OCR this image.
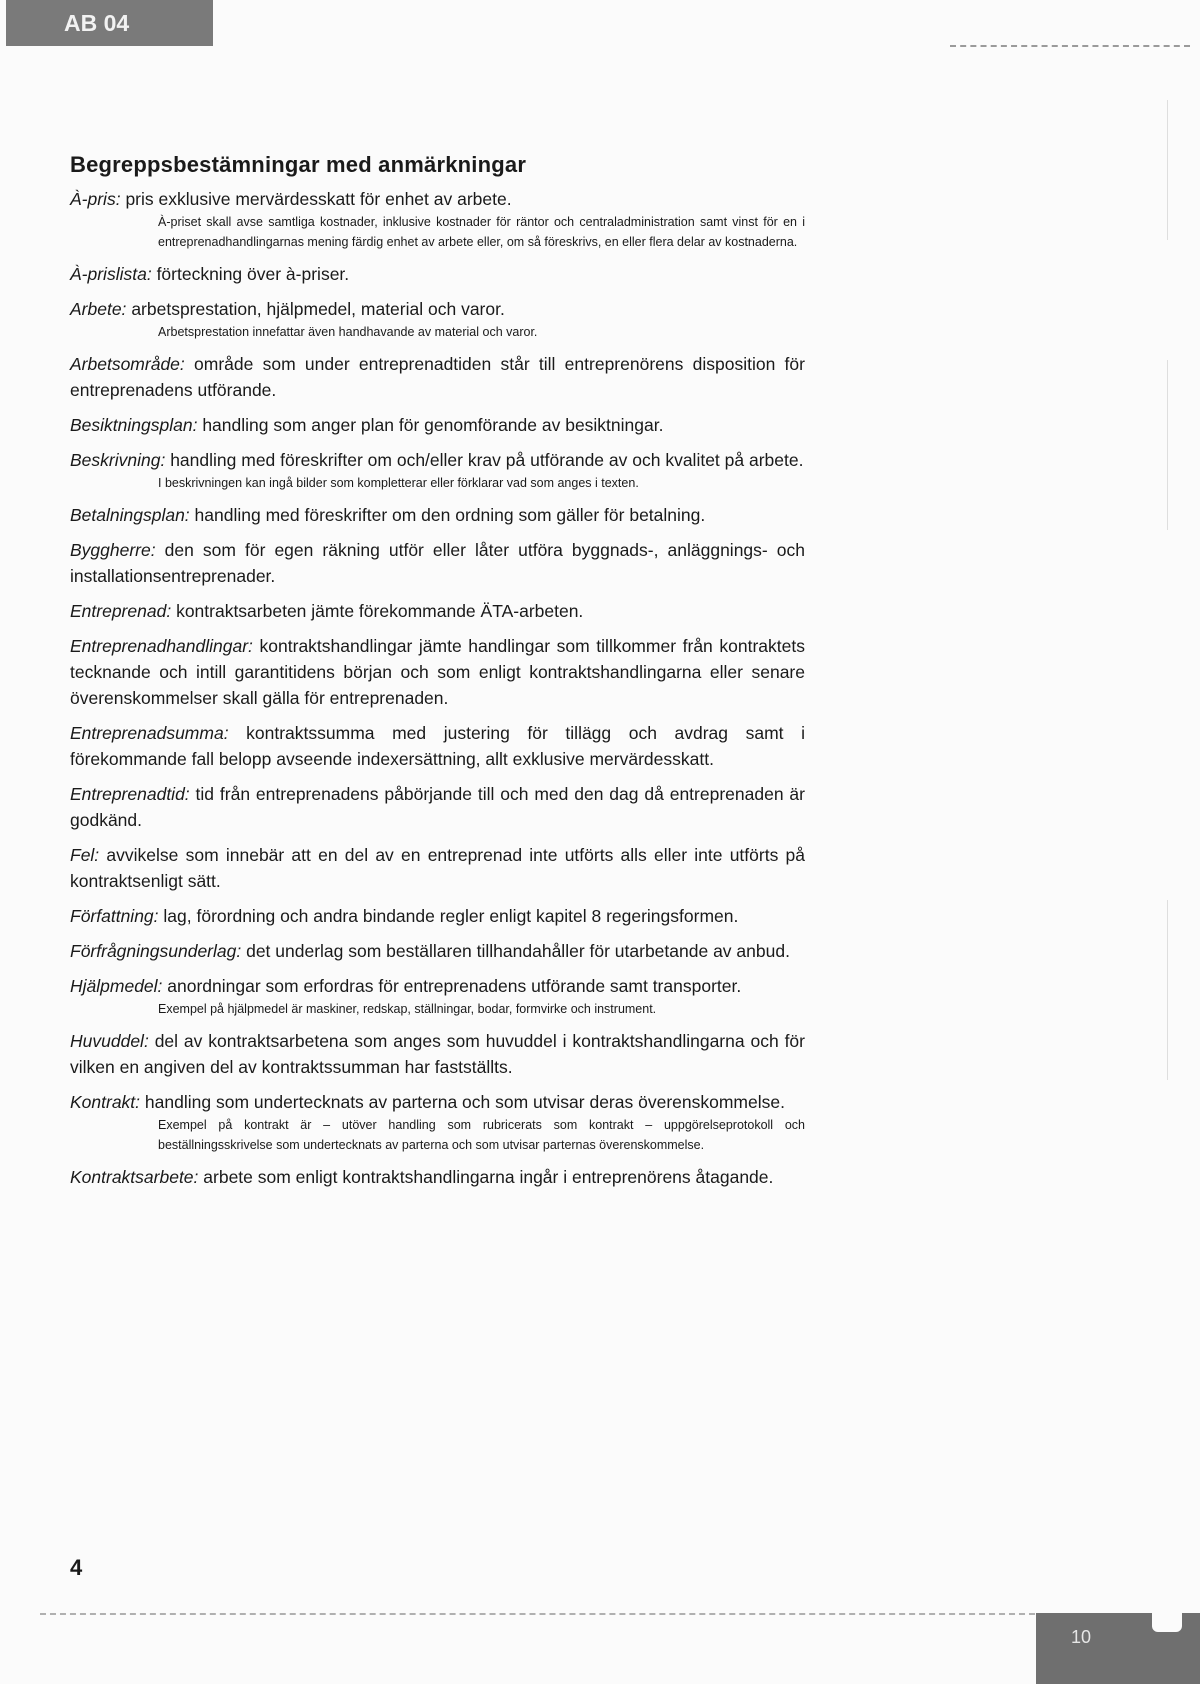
AB 04
Begreppsbestämningar med anmärkningar

À-pris: pris exklusive mervärdesskatt för enhet av arbete.

À-priset skall avse samtliga kostnader, inklusive kostnader för räntor och centraladministration samt vinst för en i entreprenadhandlingarnas mening färdig enhet av arbete eller, om så föreskrivs, en eller flera delar av kostnaderna.

À-prislista: förteckning över à-priser.

Arbete: arbetsprestation, hjälpmedel, material och varor.

Arbetsprestation innefattar även handhavande av material och varor.

Arbetsområde: område som under entreprenadtiden står till entreprenörens disposition för entreprenadens utförande.

Besiktningsplan: handling som anger plan för genomförande av besiktningar.

Beskrivning: handling med föreskrifter om och/eller krav på utförande av och kvalitet på arbete.

I beskrivningen kan ingå bilder som kompletterar eller förklarar vad som anges i texten.

Betalningsplan: handling med föreskrifter om den ordning som gäller för betalning.

Byggherre: den som för egen räkning utför eller låter utföra byggnads-, anläggnings- och installationsentreprenader.

Entreprenad: kontraktsarbeten jämte förekommande ÄTA-arbeten.

Entreprenadhandlingar: kontraktshandlingar jämte handlingar som tillkommer från kontraktets tecknande och intill garantitidens början och som enligt kontraktshandlingarna eller senare överenskommelser skall gälla för entreprenaden.

Entreprenadsumma: kontraktssumma med justering för tillägg och avdrag samt i förekommande fall belopp avseende indexersättning, allt exklusive mervärdesskatt.

Entreprenadtid: tid från entreprenadens påbörjande till och med den dag då entreprenaden är godkänd.

Fel: avvikelse som innebär att en del av en entreprenad inte utförts alls eller inte utförts på kontraktsenligt sätt.

Författning: lag, förordning och andra bindande regler enligt kapitel 8 regeringsformen.

Förfrågningsunderlag: det underlag som beställaren tillhandahåller för utarbetande av anbud.

Hjälpmedel: anordningar som erfordras för entreprenadens utförande samt transporter.

Exempel på hjälpmedel är maskiner, redskap, ställningar, bodar, formvirke och instrument.

Huvuddel: del av kontraktsarbetena som anges som huvuddel i kontraktshandlingarna och för vilken en angiven del av kontraktssumman har fastställts.

Kontrakt: handling som undertecknats av parterna och som utvisar deras överenskommelse.

Exempel på kontrakt är – utöver handling som rubricerats som kontrakt – uppgörelseprotokoll och beställningsskrivelse som undertecknats av parterna och som utvisar parternas överenskommelse.

Kontraktsarbete: arbete som enligt kontraktshandlingarna ingår i entreprenörens åtagande.

4
10
